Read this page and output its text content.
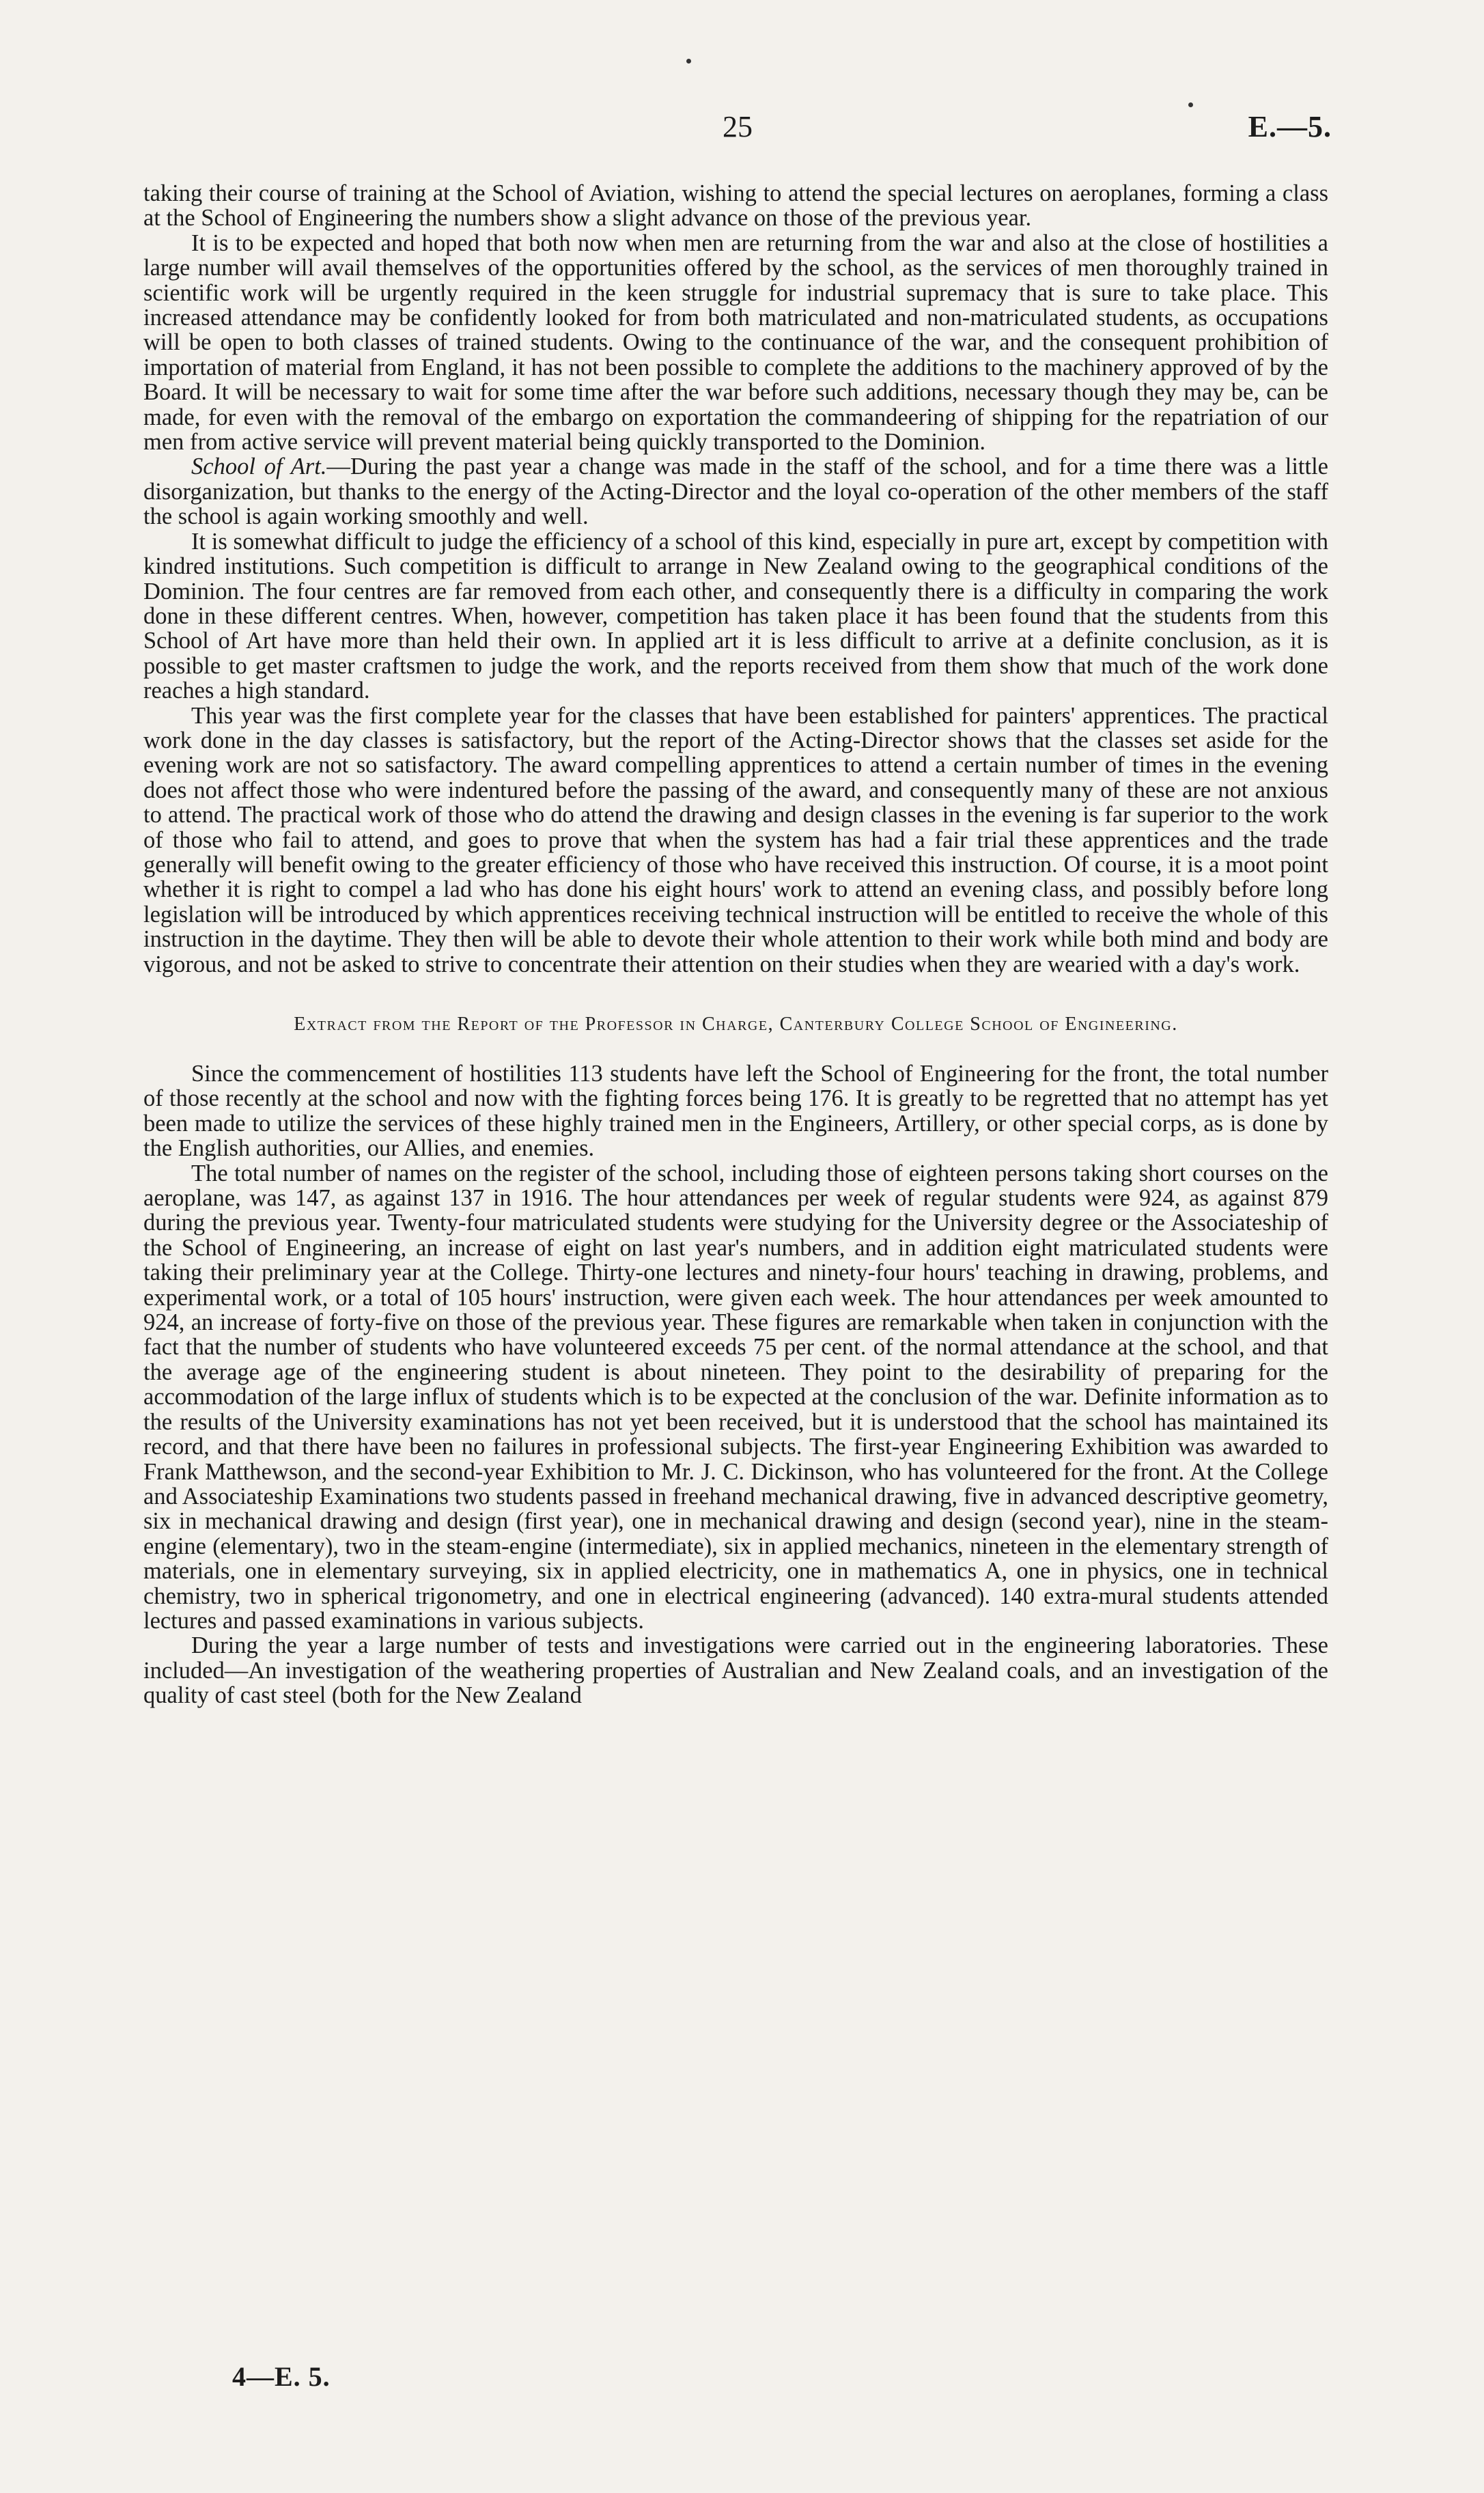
25	E.—5.

taking their course of training at the School of Aviation, wishing to attend the special lectures on aeroplanes, forming a class at the School of Engineering the numbers show a slight advance on those of the previous year.

It is to be expected and hoped that both now when men are returning from the war and also at the close of hostilities a large number will avail themselves of the opportunities offered by the school, as the services of men thoroughly trained in scientific work will be urgently required in the keen struggle for industrial supremacy that is sure to take place. This increased attendance may be confidently looked for from both matriculated and non-matriculated students, as occupations will be open to both classes of trained students. Owing to the continuance of the war, and the consequent prohibition of importation of material from England, it has not been possible to complete the additions to the machinery approved of by the Board. It will be necessary to wait for some time after the war before such additions, necessary though they may be, can be made, for even with the removal of the embargo on exportation the commandeering of shipping for the repatriation of our men from active service will prevent material being quickly transported to the Dominion.

School of Art.—During the past year a change was made in the staff of the school, and for a time there was a little disorganization, but thanks to the energy of the Acting-Director and the loyal co-operation of the other members of the staff the school is again working smoothly and well.

It is somewhat difficult to judge the efficiency of a school of this kind, especially in pure art, except by competition with kindred institutions. Such competition is difficult to arrange in New Zealand owing to the geographical conditions of the Dominion. The four centres are far removed from each other, and consequently there is a difficulty in comparing the work done in these different centres. When, however, competition has taken place it has been found that the students from this School of Art have more than held their own. In applied art it is less difficult to arrive at a definite conclusion, as it is possible to get master craftsmen to judge the work, and the reports received from them show that much of the work done reaches a high standard.

This year was the first complete year for the classes that have been established for painters' apprentices. The practical work done in the day classes is satisfactory, but the report of the Acting-Director shows that the classes set aside for the evening work are not so satisfactory. The award compelling apprentices to attend a certain number of times in the evening does not affect those who were indentured before the passing of the award, and consequently many of these are not anxious to attend. The practical work of those who do attend the drawing and design classes in the evening is far superior to the work of those who fail to attend, and goes to prove that when the system has had a fair trial these apprentices and the trade generally will benefit owing to the greater efficiency of those who have received this instruction. Of course, it is a moot point whether it is right to compel a lad who has done his eight hours' work to attend an evening class, and possibly before long legislation will be introduced by which apprentices receiving technical instruction will be entitled to receive the whole of this instruction in the daytime. They then will be able to devote their whole attention to their work while both mind and body are vigorous, and not be asked to strive to concentrate their attention on their studies when they are wearied with a day's work.

Extract from the Report of the Professor in Charge, Canterbury College School of Engineering.

Since the commencement of hostilities 113 students have left the School of Engineering for the front, the total number of those recently at the school and now with the fighting forces being 176. It is greatly to be regretted that no attempt has yet been made to utilize the services of these highly trained men in the Engineers, Artillery, or other special corps, as is done by the English authorities, our Allies, and enemies.

The total number of names on the register of the school, including those of eighteen persons taking short courses on the aeroplane, was 147, as against 137 in 1916. The hour attendances per week of regular students were 924, as against 879 during the previous year. Twenty-four matriculated students were studying for the University degree or the Associateship of the School of Engineering, an increase of eight on last year's numbers, and in addition eight matriculated students were taking their preliminary year at the College. Thirty-one lectures and ninety-four hours' teaching in drawing, problems, and experimental work, or a total of 105 hours' instruction, were given each week. The hour attendances per week amounted to 924, an increase of forty-five on those of the previous year. These figures are remarkable when taken in conjunction with the fact that the number of students who have volunteered exceeds 75 per cent. of the normal attendance at the school, and that the average age of the engineering student is about nineteen. They point to the desirability of preparing for the accommodation of the large influx of students which is to be expected at the conclusion of the war. Definite information as to the results of the University examinations has not yet been received, but it is understood that the school has maintained its record, and that there have been no failures in professional subjects. The first-year Engineering Exhibition was awarded to Frank Matthewson, and the second-year Exhibition to Mr. J. C. Dickinson, who has volunteered for the front. At the College and Associateship Examinations two students passed in freehand mechanical drawing, five in advanced descriptive geometry, six in mechanical drawing and design (first year), one in mechanical drawing and design (second year), nine in the steam-engine (elementary), two in the steam-engine (intermediate), six in applied mechanics, nineteen in the elementary strength of materials, one in elementary surveying, six in applied electricity, one in mathematics A, one in physics, one in technical chemistry, two in spherical trigonometry, and one in electrical engineering (advanced). 140 extra-mural students attended lectures and passed examinations in various subjects.

During the year a large number of tests and investigations were carried out in the engineering laboratories. These included—An investigation of the weathering properties of Australian and New Zealand coals, and an investigation of the quality of cast steel (both for the New Zealand

4—E. 5.
